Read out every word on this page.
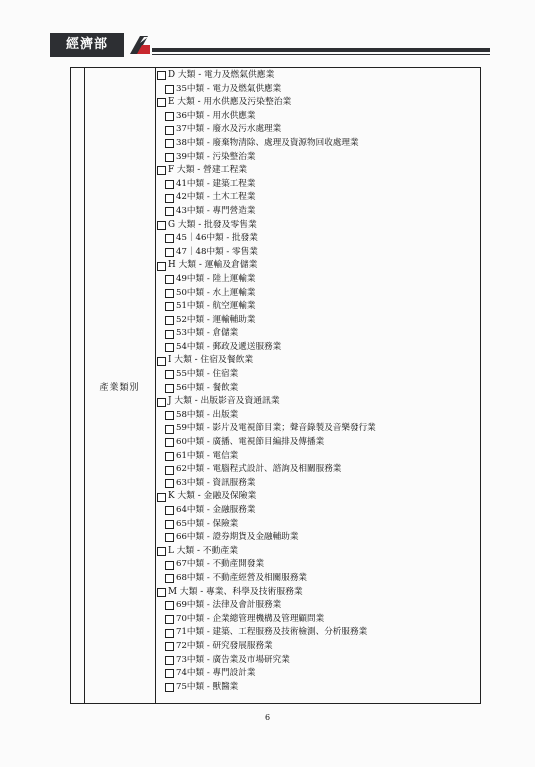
經濟部
產業類別
D 大類 - 電力及燃氣供應業
35中類 - 電力及燃氣供應業
E 大類 - 用水供應及污染整治業
36中類 - 用水供應業
37中類 - 廢水及污水處理業
38中類 - 廢棄物清除、處理及資源物回收處理業
39中類 - 污染整治業
F 大類 - 營建工程業
41中類 - 建築工程業
42中類 - 土木工程業
43中類 - 專門營造業
G 大類 - 批發及零售業
45｜46中類 - 批發業
47｜48中類 - 零售業
H 大類 - 運輸及倉儲業
49中類 - 陸上運輸業
50中類 - 水上運輸業
51中類 - 航空運輸業
52中類 - 運輸輔助業
53中類 - 倉儲業
54中類 - 郵政及遞送服務業
I 大類 - 住宿及餐飲業
55中類 - 住宿業
56中類 - 餐飲業
J 大類 - 出版影音及資通訊業
58中類 - 出版業
59中類 - 影片及電視節目業；聲音錄製及音樂發行業
60中類 - 廣播、電視節目編排及傳播業
61中類 - 電信業
62中類 - 電腦程式設計、諮詢及相關服務業
63中類 - 資訊服務業
K 大類 - 金融及保險業
64中類 - 金融服務業
65中類 - 保險業
66中類 - 證券期貨及金融輔助業
L 大類 - 不動產業
67中類 - 不動產開發業
68中類 - 不動產經營及相關服務業
M 大類 - 專業、科學及技術服務業
69中類 - 法律及會計服務業
70中類 - 企業總管理機構及管理顧問業
71中類 - 建築、工程服務及技術檢測、分析服務業
72中類 - 研究發展服務業
73中類 - 廣告業及市場研究業
74中類 - 專門設計業
75中類 - 獸醫業
6
